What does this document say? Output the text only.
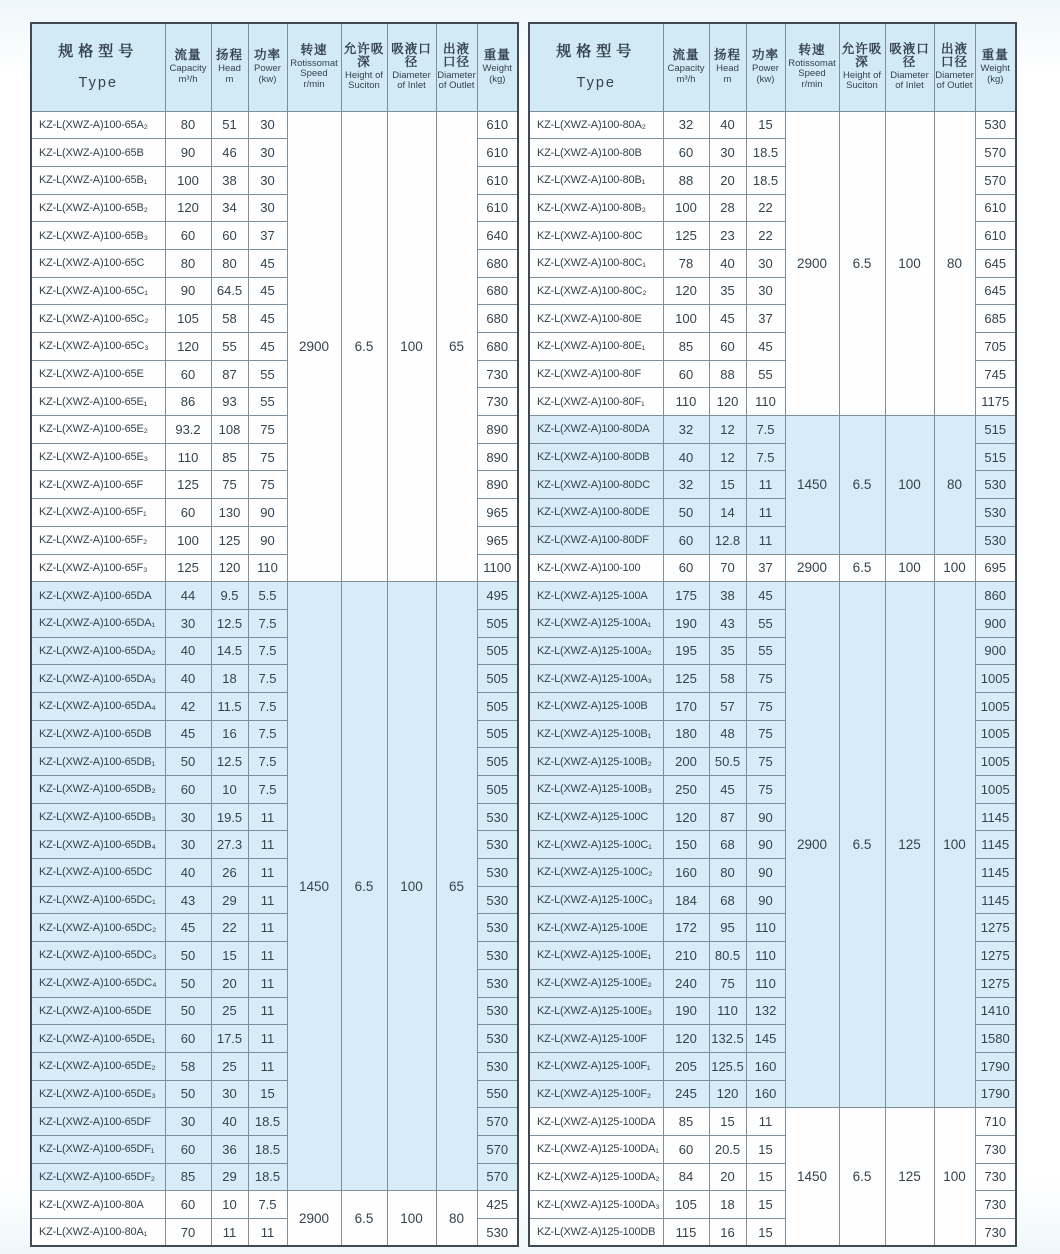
规格型号
Type	流量
Capacity
m³/h	扬程
Head
m	功率
Power
(kw)	转速
Rotissomat Speed
r/min	允许吸深
Height of Suciton	吸液口径
Diameter of Inlet	出液口径
Diameter of Outlet	重量
Weight
(kg)

KZ-L(XWZ-A)100-65A₂	80	51	30	2900	6.5	100	65	610
KZ-L(XWZ-A)100-65B	90	46	30					610
KZ-L(XWZ-A)100-65B₁	100	38	30					610
KZ-L(XWZ-A)100-65B₂	120	34	30					610
KZ-L(XWZ-A)100-65B₃	60	60	37					640
KZ-L(XWZ-A)100-65C	80	80	45					680
KZ-L(XWZ-A)100-65C₁	90	64.5	45					680
KZ-L(XWZ-A)100-65C₂	105	58	45					680
KZ-L(XWZ-A)100-65C₃	120	55	45					680
KZ-L(XWZ-A)100-65E	60	87	55					730
KZ-L(XWZ-A)100-65E₁	86	93	55					730
KZ-L(XWZ-A)100-65E₂	93.2	108	75					890
KZ-L(XWZ-A)100-65E₃	110	85	75					890
KZ-L(XWZ-A)100-65F	125	75	75					890
KZ-L(XWZ-A)100-65F₁	60	130	90					965
KZ-L(XWZ-A)100-65F₂	100	125	90					965
KZ-L(XWZ-A)100-65F₃	125	120	110					1100
KZ-L(XWZ-A)100-65DA	44	9.5	5.5	1450	6.5	100	65	495
KZ-L(XWZ-A)100-65DA₁	30	12.5	7.5					505
KZ-L(XWZ-A)100-65DA₂	40	14.5	7.5					505
KZ-L(XWZ-A)100-65DA₃	40	18	7.5					505
KZ-L(XWZ-A)100-65DA₄	42	11.5	7.5					505
KZ-L(XWZ-A)100-65DB	45	16	7.5					505
KZ-L(XWZ-A)100-65DB₁	50	12.5	7.5					505
KZ-L(XWZ-A)100-65DB₂	60	10	7.5					505
KZ-L(XWZ-A)100-65DB₃	30	19.5	11					530
KZ-L(XWZ-A)100-65DB₄	30	27.3	11					530
KZ-L(XWZ-A)100-65DC	40	26	11					530
KZ-L(XWZ-A)100-65DC₁	43	29	11					530
KZ-L(XWZ-A)100-65DC₂	45	22	11					530
KZ-L(XWZ-A)100-65DC₃	50	15	11					530
KZ-L(XWZ-A)100-65DC₄	50	20	11					530
KZ-L(XWZ-A)100-65DE	50	25	11					530
KZ-L(XWZ-A)100-65DE₁	60	17.5	11					530
KZ-L(XWZ-A)100-65DE₂	58	25	11					530
KZ-L(XWZ-A)100-65DE₃	50	30	15					550
KZ-L(XWZ-A)100-65DF	30	40	18.5					570
KZ-L(XWZ-A)100-65DF₁	60	36	18.5					570
KZ-L(XWZ-A)100-65DF₂	85	29	18.5					570
KZ-L(XWZ-A)100-80A	60	10	7.5	2900	6.5	100	80	425
KZ-L(XWZ-A)100-80A₁	70	11	11					530
规格型号
Type	流量
Capacity
m³/h	扬程
Head
m	功率
Power
(kw)	转速
Rotissomat Speed
r/min	允许吸深
Height of Suciton	吸液口径
Diameter of Inlet	出液口径
Diameter of Outlet	重量
Weight
(kg)

KZ-L(XWZ-A)100-80A₂	32	40	15	2900	6.5	100	80	530
KZ-L(XWZ-A)100-80B	60	30	18.5					570
KZ-L(XWZ-A)100-80B₁	88	20	18.5					570
KZ-L(XWZ-A)100-80B₂	100	28	22					610
KZ-L(XWZ-A)100-80C	125	23	22					610
KZ-L(XWZ-A)100-80C₁	78	40	30					645
KZ-L(XWZ-A)100-80C₂	120	35	30					645
KZ-L(XWZ-A)100-80E	100	45	37					685
KZ-L(XWZ-A)100-80E₁	85	60	45					705
KZ-L(XWZ-A)100-80F	60	88	55					745
KZ-L(XWZ-A)100-80F₁	110	120	110					1175
KZ-L(XWZ-A)100-80DA	32	12	7.5	1450	6.5	100	80	515
KZ-L(XWZ-A)100-80DB	40	12	7.5					515
KZ-L(XWZ-A)100-80DC	32	15	11					530
KZ-L(XWZ-A)100-80DE	50	14	11					530
KZ-L(XWZ-A)100-80DF	60	12.8	11					530
KZ-L(XWZ-A)100-100	60	70	37	2900	6.5	100	100	695
KZ-L(XWZ-A)125-100A	175	38	45	2900	6.5	125	100	860
KZ-L(XWZ-A)125-100A₁	190	43	55					900
KZ-L(XWZ-A)125-100A₂	195	35	55					900
KZ-L(XWZ-A)125-100A₃	125	58	75					1005
KZ-L(XWZ-A)125-100B	170	57	75					1005
KZ-L(XWZ-A)125-100B₁	180	48	75					1005
KZ-L(XWZ-A)125-100B₂	200	50.5	75					1005
KZ-L(XWZ-A)125-100B₃	250	45	75					1005
KZ-L(XWZ-A)125-100C	120	87	90					1145
KZ-L(XWZ-A)125-100C₁	150	68	90					1145
KZ-L(XWZ-A)125-100C₂	160	80	90					1145
KZ-L(XWZ-A)125-100C₃	184	68	90					1145
KZ-L(XWZ-A)125-100E	172	95	110					1275
KZ-L(XWZ-A)125-100E₁	210	80.5	110					1275
KZ-L(XWZ-A)125-100E₂	240	75	110					1275
KZ-L(XWZ-A)125-100E₃	190	110	132					1410
KZ-L(XWZ-A)125-100F	120	132.5	145					1580
KZ-L(XWZ-A)125-100F₁	205	125.5	160					1790
KZ-L(XWZ-A)125-100F₂	245	120	160					1790
KZ-L(XWZ-A)125-100DA	85	15	11	1450	6.5	125	100	710
KZ-L(XWZ-A)125-100DA₁	60	20.5	15					730
KZ-L(XWZ-A)125-100DA₂	84	20	15					730
KZ-L(XWZ-A)125-100DA₃	105	18	15					730
KZ-L(XWZ-A)125-100DB	115	16	15					730
